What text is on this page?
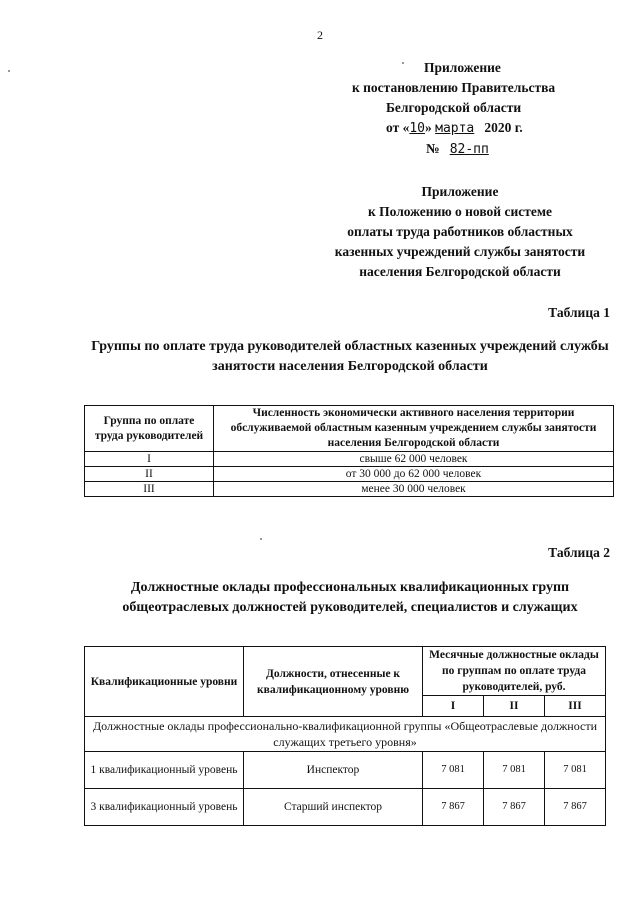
2
Приложение
к постановлению Правительства
Белгородской области
от «10» марта 2020 г.
№ 82-пп
Приложение
к Положению о новой системе
оплаты труда работников областных
казенных учреждений службы занятости
населения Белгородской области
Таблица 1
Группы по оплате труда руководителей областных казенных учреждений службы занятости населения Белгородской области
Группа по оплате труда руководителей	Численность экономически активного населения территории обслуживаемой областным казенным учреждением службы занятости населения Белгородской области
I	свыше 62 000 человек
II	от 30 000 до 62 000 человек
III	менее 30 000 человек
Таблица 2
Должностные оклады профессиональных квалификационных групп общеотраслевых должностей руководителей, специалистов и служащих
Квалификационные уровни	Должности, отнесенные к квалификационному уровню	Месячные должностные оклады по группам по оплате труда руководителей, руб.		
		I	II	III
Должностные оклады профессионально-квалификационной группы «Общеотраслевые должности служащих третьего уровня»				
1 квалификационный уровень	Инспектор	7 081	7 081	7 081
3 квалификационный уровень	Старший инспектор	7 867	7 867	7 867
